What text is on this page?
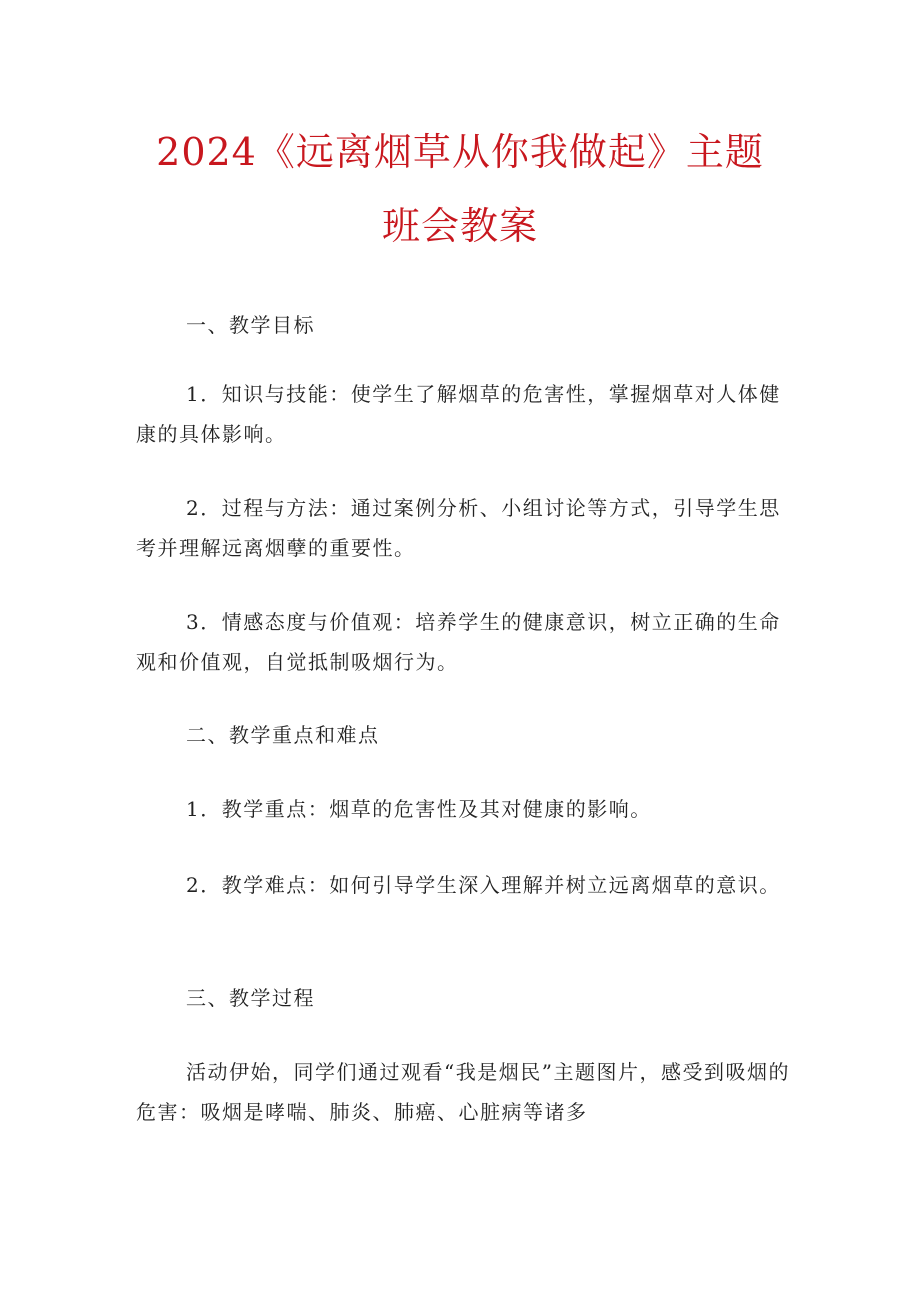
2024《远离烟草从你我做起》主题
班会教案

一、教学目标

1．知识与技能：使学生了解烟草的危害性，掌握烟草对人体健康的具体影响。

2．过程与方法：通过案例分析、小组讨论等方式，引导学生思考并理解远离烟孽的重要性。

3．情感态度与价值观：培养学生的健康意识，树立正确的生命观和价值观，自觉抵制吸烟行为。

二、教学重点和难点

1．教学重点：烟草的危害性及其对健康的影响。

2．教学难点：如何引导学生深入理解并树立远离烟草的意识。

三、教学过程

活动伊始，同学们通过观看“我是烟民”主题图片，感受到吸烟的危害：吸烟是哮喘、肺炎、肺癌、心脏病等诸多
